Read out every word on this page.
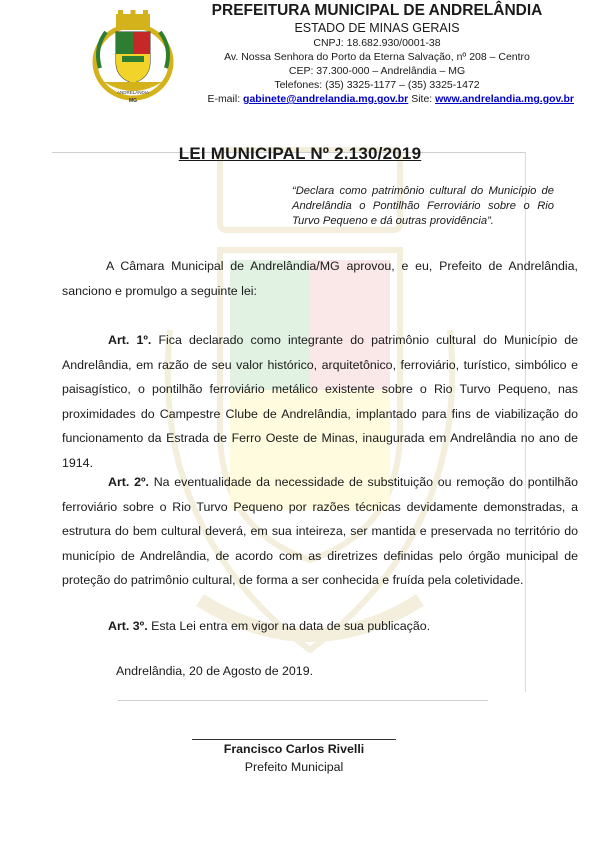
ANDRELÂNDIA
MG
PREFEITURA MUNICIPAL DE ANDRELÂNDIA
ESTADO DE MINAS GERAIS
CNPJ: 18.682.930/0001-38
Av. Nossa Senhora do Porto da Eterna Salvação, nº 208 – Centro
CEP: 37.300-000 – Andrelândia – MG
Telefones: (35) 3325-1177 – (35) 3325-1472
E-mail: gabinete@andrelandia.mg.gov.br Site: www.andrelandia.mg.gov.br
LEI MUNICIPAL Nº 2.130/2019
“Declara como patrimônio cultural do Município de Andrelândia o Pontilhão Ferroviário sobre o Rio Turvo Pequeno e dá outras providência”.
A Câmara Municipal de Andrelândia/MG aprovou, e eu, Prefeito de Andrelândia, sanciono e promulgo a seguinte lei:
Art. 1º. Fica declarado como integrante do patrimônio cultural do Município de Andrelândia, em razão de seu valor histórico, arquitetônico, ferroviário, turístico, simbólico e paisagístico, o pontilhão ferroviário metálico existente sobre o Rio Turvo Pequeno, nas proximidades do Campestre Clube de Andrelândia, implantado para fins de viabilização do funcionamento da Estrada de Ferro Oeste de Minas, inaugurada em Andrelândia no ano de 1914.
Art. 2º. Na eventualidade da necessidade de substituição ou remoção do pontilhão ferroviário sobre o Rio Turvo Pequeno por razões técnicas devidamente demonstradas, a estrutura do bem cultural deverá, em sua inteireza, ser mantida e preservada no território do município de Andrelândia, de acordo com as diretrizes definidas pelo órgão municipal de proteção do patrimônio cultural, de forma a ser conhecida e fruída pela coletividade.
Art. 3º. Esta Lei entra em vigor na data de sua publicação.
Andrelândia, 20 de Agosto de 2019.
Francisco Carlos Rivelli
Prefeito Municipal
